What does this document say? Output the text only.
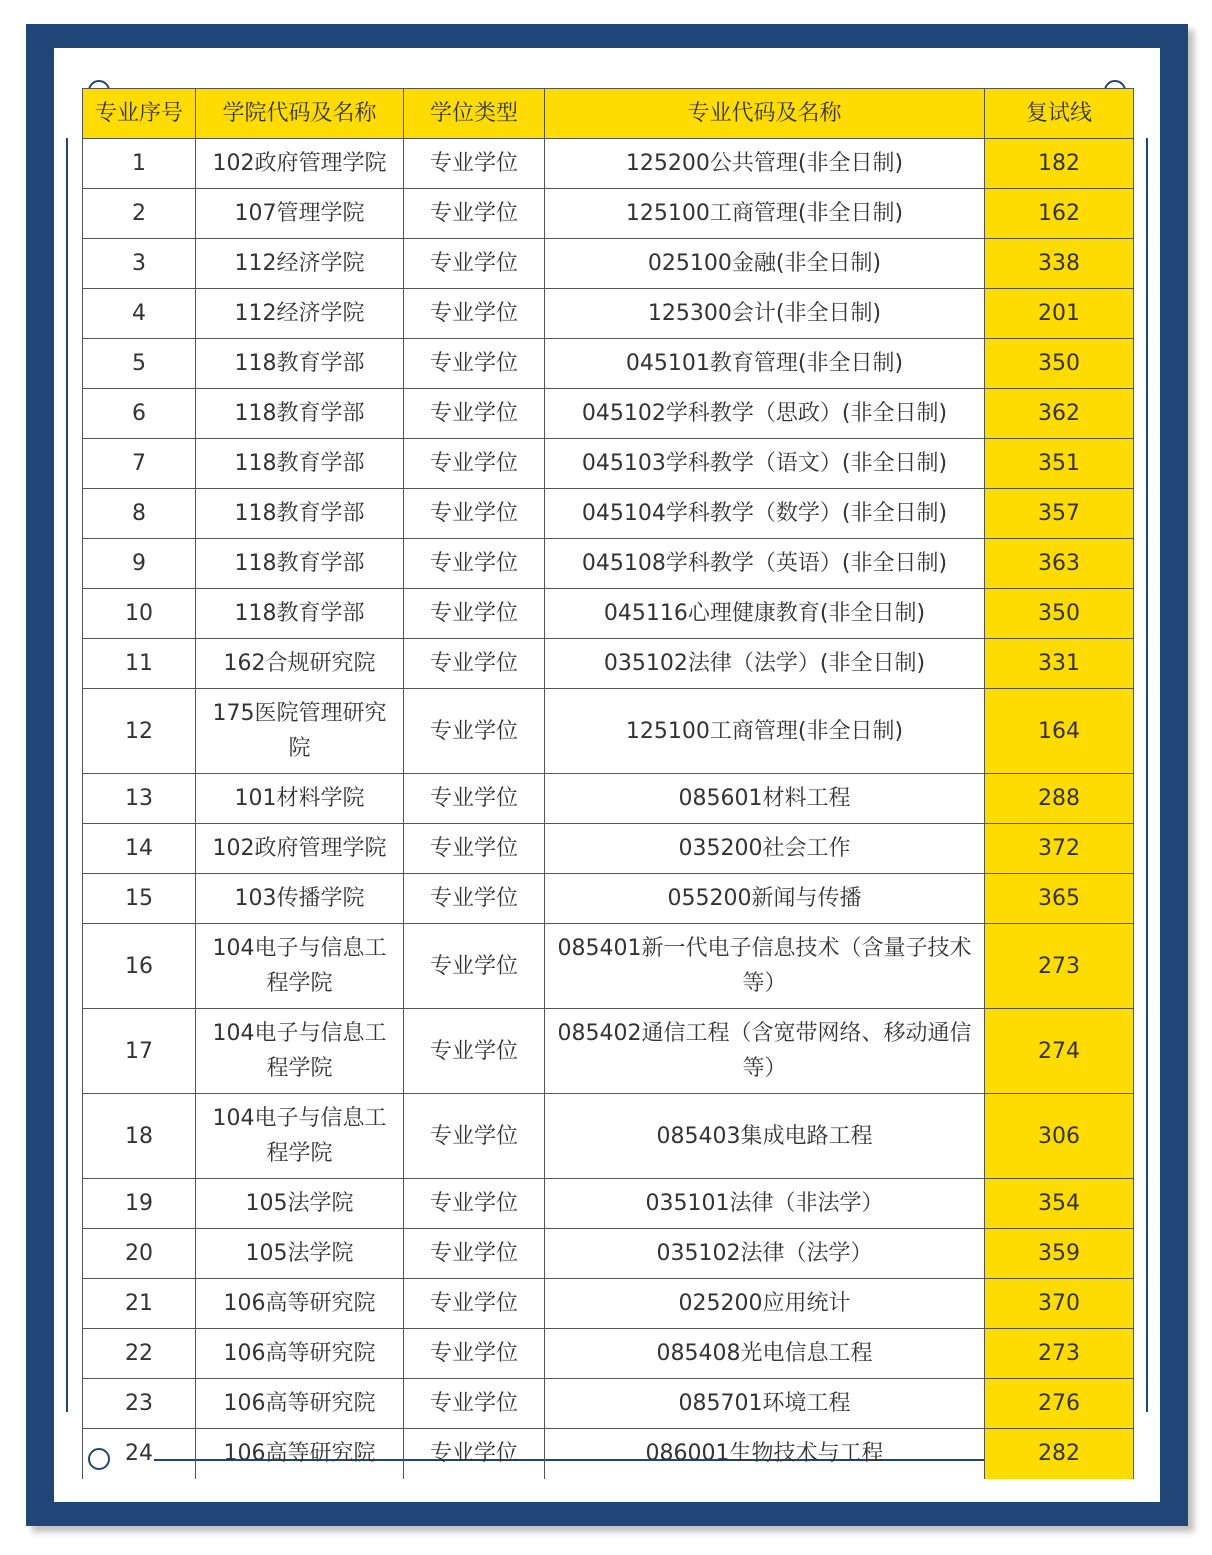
专业序号	学院代码及名称	学位类型	专业代码及名称	复试线
1	102政府管理学院	专业学位	125200公共管理(非全日制)	182
2	107管理学院	专业学位	125100工商管理(非全日制)	162
3	112经济学院	专业学位	025100金融(非全日制)	338
4	112经济学院	专业学位	125300会计(非全日制)	201
5	118教育学部	专业学位	045101教育管理(非全日制)	350
6	118教育学部	专业学位	045102学科教学（思政）(非全日制)	362
7	118教育学部	专业学位	045103学科教学（语文）(非全日制)	351
8	118教育学部	专业学位	045104学科教学（数学）(非全日制)	357
9	118教育学部	专业学位	045108学科教学（英语）(非全日制)	363
10	118教育学部	专业学位	045116心理健康教育(非全日制)	350
11	162合规研究院	专业学位	035102法律（法学）(非全日制)	331
12	175医院管理研究院	专业学位	125100工商管理(非全日制)	164
13	101材料学院	专业学位	085601材料工程	288
14	102政府管理学院	专业学位	035200社会工作	372
15	103传播学院	专业学位	055200新闻与传播	365
16	104电子与信息工程学院	专业学位	085401新一代电子信息技术（含量子技术等）	273
17	104电子与信息工程学院	专业学位	085402通信工程（含宽带网络、移动通信等）	274
18	104电子与信息工程学院	专业学位	085403集成电路工程	306
19	105法学院	专业学位	035101法律（非法学）	354
20	105法学院	专业学位	035102法律（法学）	359
21	106高等研究院	专业学位	025200应用统计	370
22	106高等研究院	专业学位	085408光电信息工程	273
23	106高等研究院	专业学位	085701环境工程	276
24	106高等研究院	专业学位	086001生物技术与工程	282
